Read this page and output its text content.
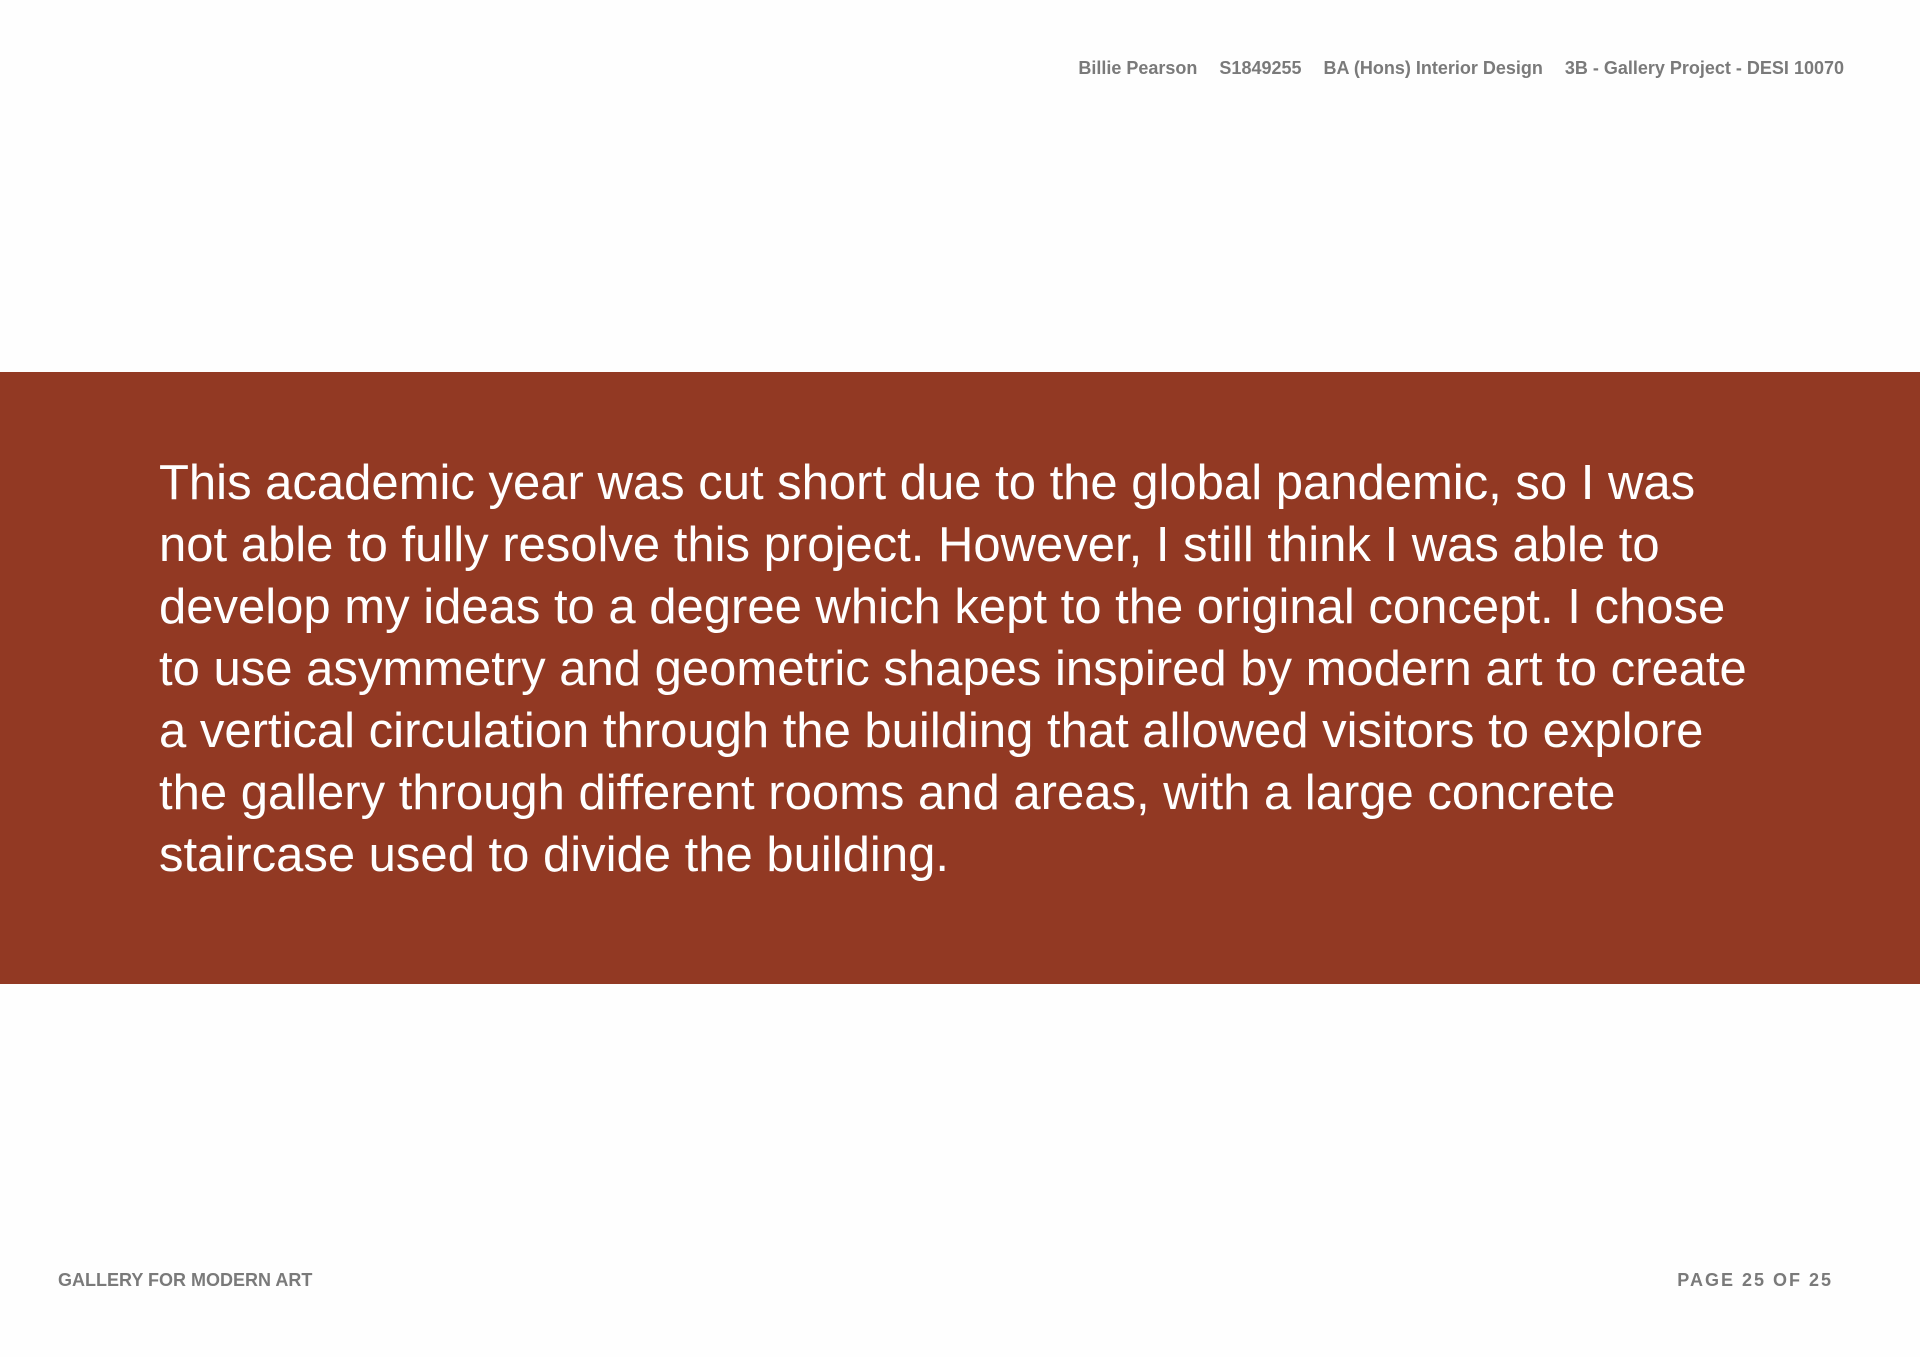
Billie Pearson S1849255 BA (Hons) Interior Design 3B - Gallery Project - DESI 10070

This academic year was cut short due to the global pandemic, so I was
not able to fully resolve this project. However, I still think I was able to
develop my ideas to a degree which kept to the original concept. I chose
to use asymmetry and geometric shapes inspired by modern art to create
a vertical circulation through the building that allowed visitors to explore
the gallery through different rooms and areas, with a large concrete
staircase used to divide the building.

GALLERY FOR MODERN ART	PAGE 25 OF 25
